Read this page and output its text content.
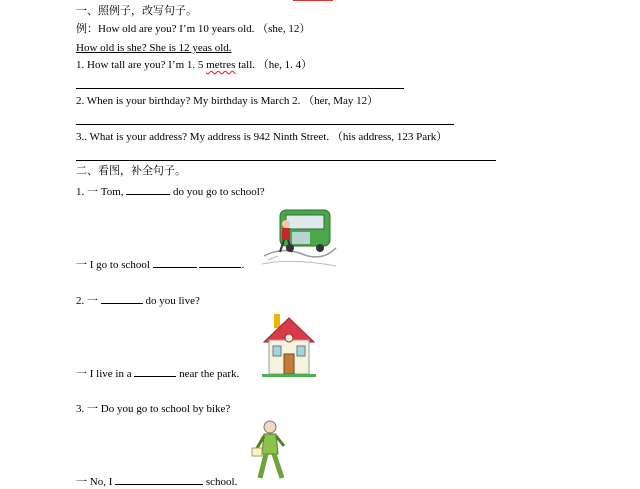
一、照例子，改写句子。
例：How old are you? I’m 10 years old. （she, 12）
How old is she? She is 12 yeas old.
1. How tall are you? I’m 1. 5 metres tall. （he, 1. 4）
2. When is your birthday? My birthday is March 2. （her, May 12）
3.. What is your address? My address is 942 Ninth Street. （his address, 123 Park）
二、看图，补全句子。
1. 一 Tom,	do you go to school?
一 I go to school	.
2. 一	do you live?
一 I live in a	near the park.
3. 一 Do you go to school by bike?
一 No, I	school.
